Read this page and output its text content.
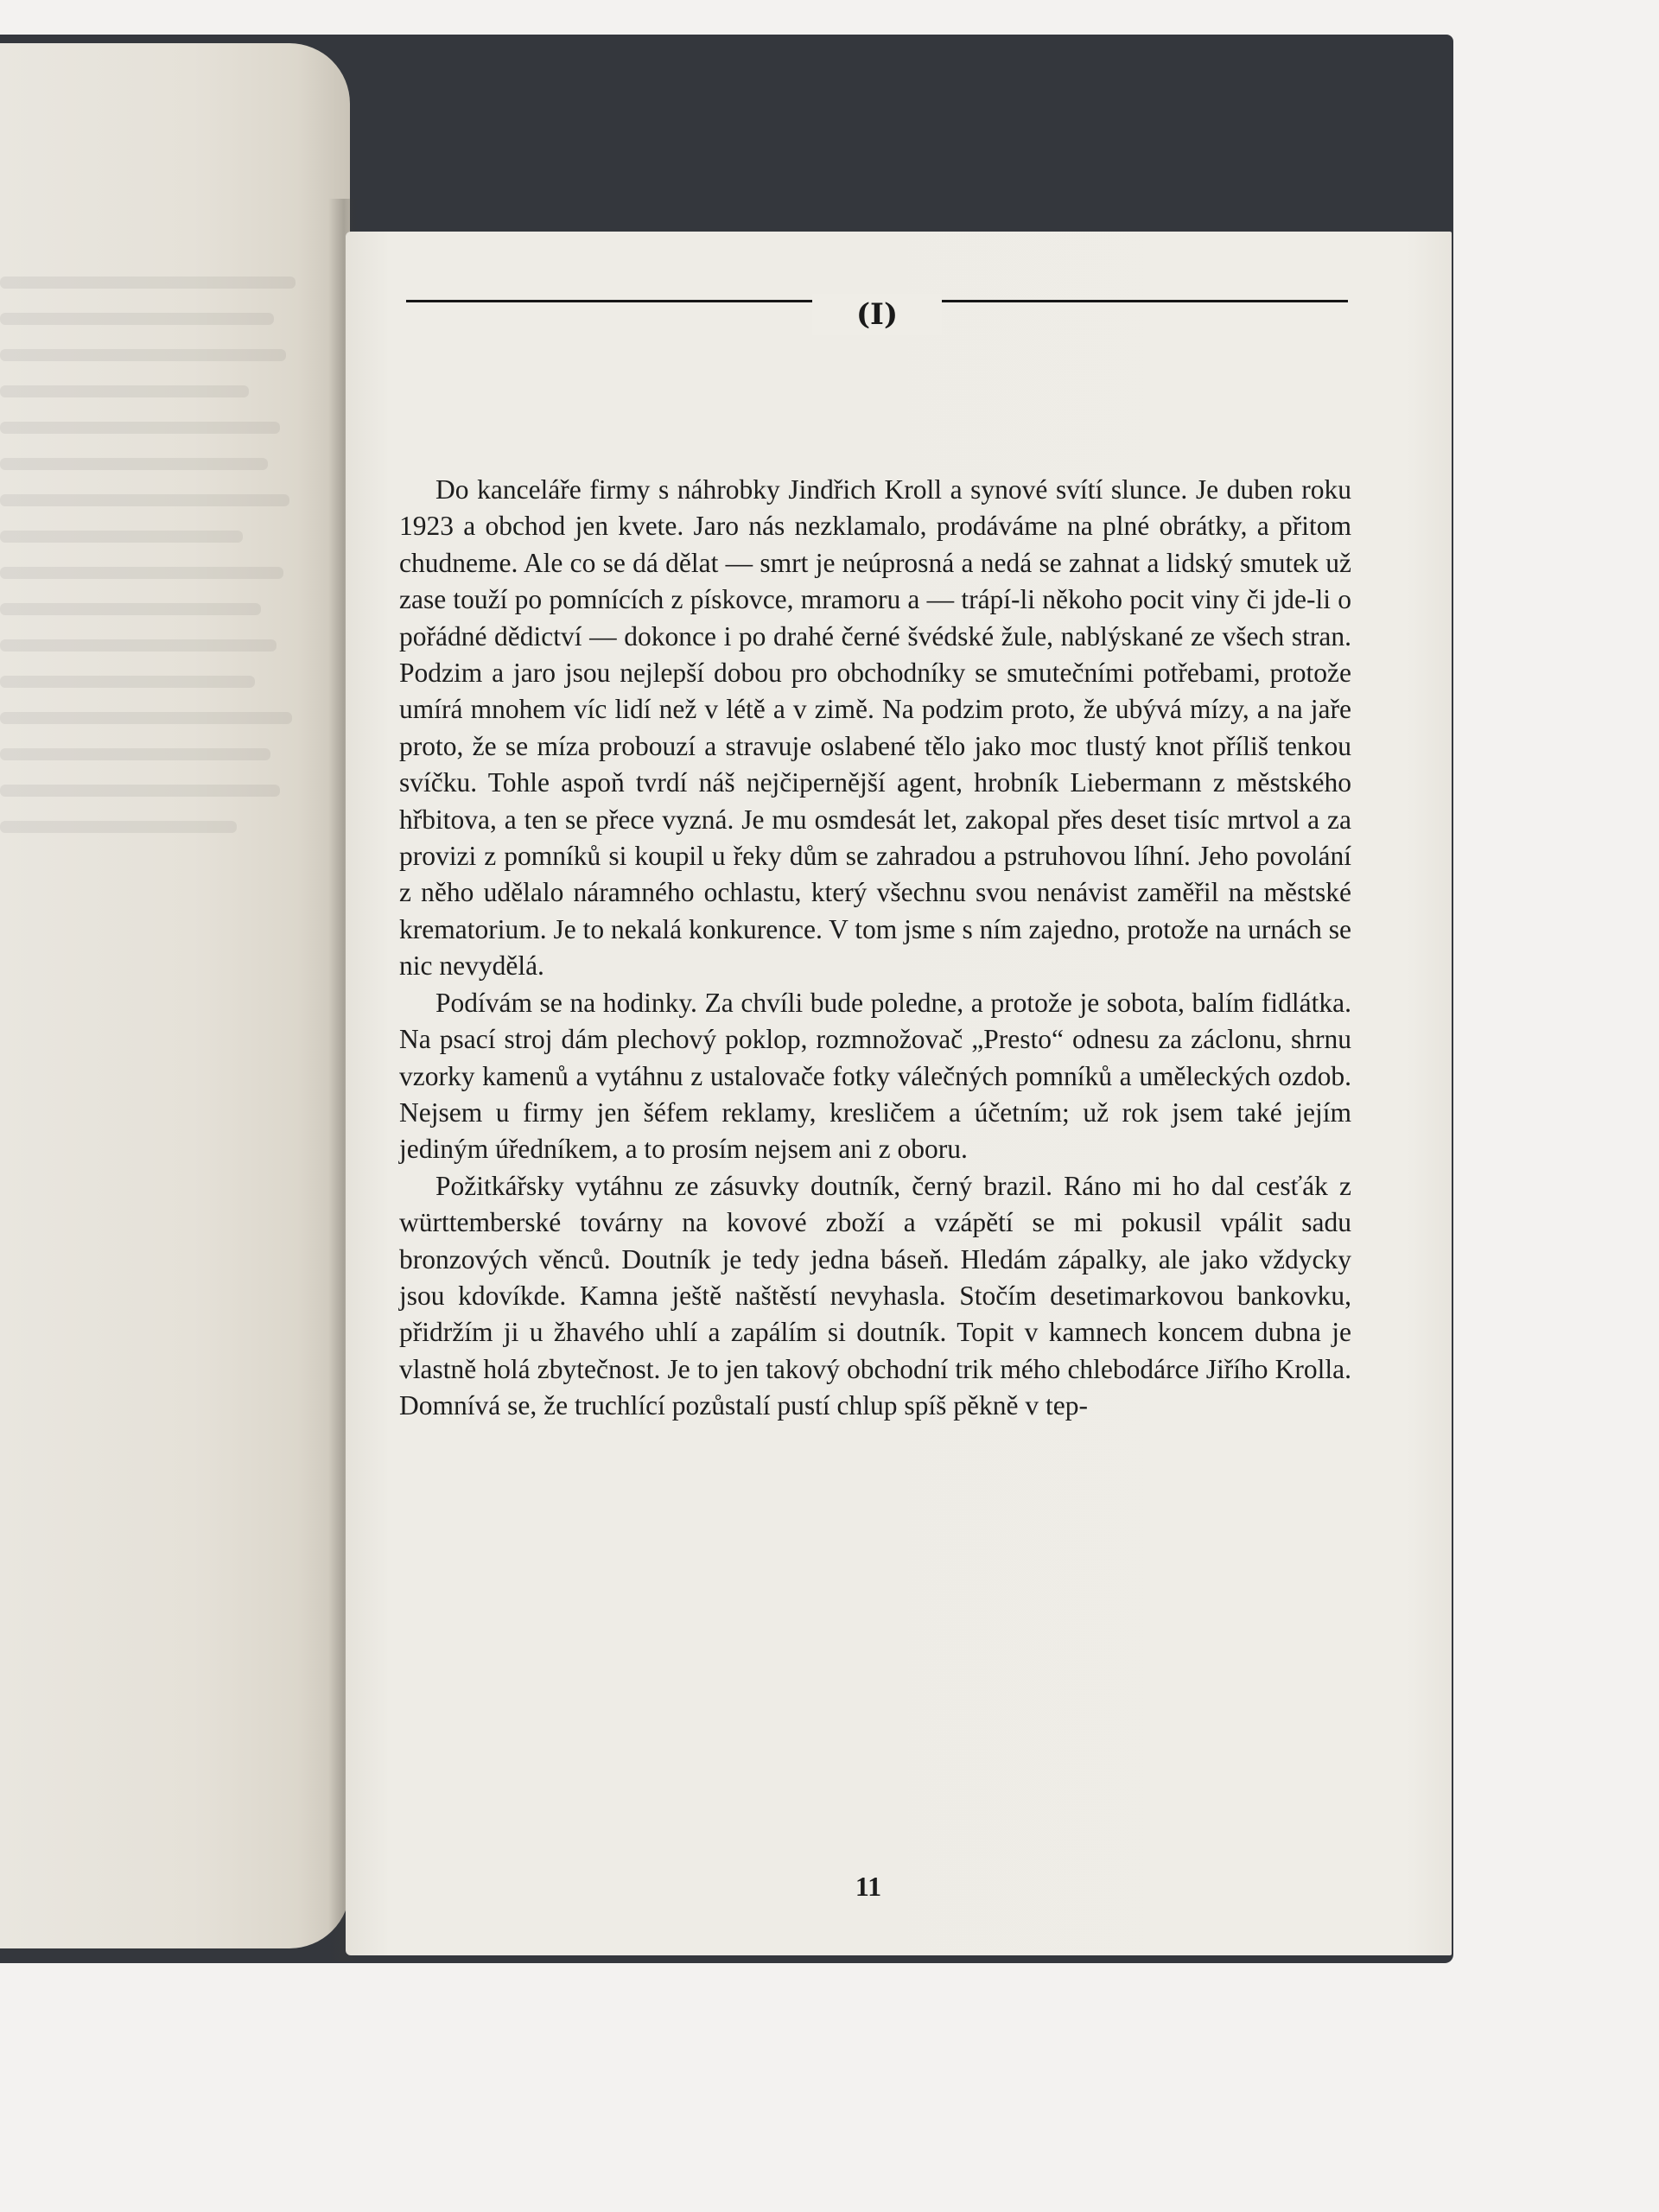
(I)

Do kanceláře firmy s náhrobky Jindřich Kroll a synové svítí slunce. Je duben roku 1923 a obchod jen kvete. Jaro nás nezklamalo, prodáváme na plné obrátky, a přitom chudneme. Ale co se dá dělat — smrt je neúprosná a nedá se zahnat a lidský smutek už zase touží po pomnících z pískovce, mramoru a — trápí-li někoho pocit viny či jde-li o pořádné dědictví — dokonce i po drahé černé švédské žule, nablýskané ze všech stran. Podzim a jaro jsou nejlepší dobou pro obchodníky se smutečními potřebami, protože umírá mnohem víc lidí než v létě a v zimě. Na podzim proto, že ubývá mízy, a na jaře proto, že se míza probouzí a stravuje oslabené tělo jako moc tlustý knot příliš tenkou svíčku. Tohle aspoň tvrdí náš nejčipernější agent, hrobník Liebermann z městského hřbitova, a ten se přece vyzná. Je mu osmdesát let, zakopal přes deset tisíc mrtvol a za provizi z pomníků si koupil u řeky dům se zahradou a pstruhovou líhní. Jeho povolání z něho udělalo náramného ochlastu, který všechnu svou nenávist zaměřil na městské krematorium. Je to nekalá konkurence. V tom jsme s ním zajedno, protože na urnách se nic nevydělá.

Podívám se na hodinky. Za chvíli bude poledne, a protože je sobota, balím fidlátka. Na psací stroj dám plechový poklop, rozmnožovač „Presto“ odnesu za záclonu, shrnu vzorky kamenů a vytáhnu z ustalovače fotky válečných pomníků a uměleckých ozdob. Nejsem u firmy jen šéfem reklamy, kresličem a účetním; už rok jsem také jejím jediným úředníkem, a to prosím nejsem ani z oboru.

Požitkářsky vytáhnu ze zásuvky doutník, černý brazil. Ráno mi ho dal cesťák z württemberské továrny na kovové zboží a vzápětí se mi pokusil vpálit sadu bronzových věnců. Doutník je tedy jedna báseň. Hledám zápalky, ale jako vždycky jsou kdovíkde. Kamna ještě naštěstí nevyhasla. Stočím desetimarkovou bankovku, přidržím ji u žhavého uhlí a zapálím si doutník. Topit v kamnech koncem dubna je vlastně holá zbytečnost. Je to jen takový obchodní trik mého chlebodárce Jiřího Krolla. Domnívá se, že truchlící pozůstalí pustí chlup spíš pěkně v tep-

11
